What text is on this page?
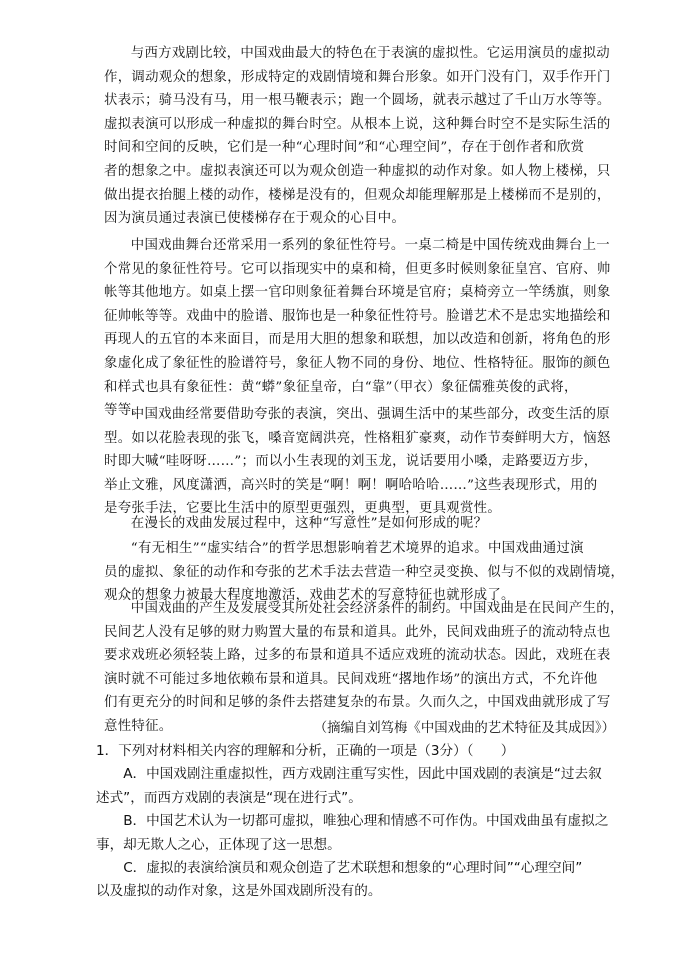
与西方戏剧比较，中国戏曲最大的特色在于表演的虚拟性。它运用演员的虚拟动
作，调动观众的想象，形成特定的戏剧情境和舞台形象。如开门没有门，双手作开门
状表示；骑马没有马，用一根马鞭表示；跑一个圆场，就表示越过了千山万水等等。
虚拟表演可以形成一种虚拟的舞台时空。从根本上说，这种舞台时空不是实际生活的
时间和空间的反映，它们是一种“心理时间”和“心理空间”，存在于创作者和欣赏
者的想象之中。虚拟表演还可以为观众创造一种虚拟的动作对象。如人物上楼梯，只
做出提衣抬腿上楼的动作，楼梯是没有的，但观众却能理解那是上楼梯而不是别的，
因为演员通过表演已使楼梯存在于观众的心目中。
中国戏曲舞台还常采用一系列的象征性符号。一桌二椅是中国传统戏曲舞台上一
个常见的象征性符号。它可以指现实中的桌和椅，但更多时候则象征皇宫、官府、帅
帐等其他地方。如桌上摆一官印则象征着舞台环境是官府；桌椅旁立一竿绣旗，则象
征帅帐等等。戏曲中的脸谱、服饰也是一种象征性符号。脸谱艺术不是忠实地描绘和
再现人的五官的本来面目，而是用大胆的想象和联想，加以改造和创新，将角色的形
象虚化成了象征性的脸谱符号，象征人物不同的身份、地位、性格特征。服饰的颜色
和样式也具有象征性：黄“蟒”象征皇帝，白“靠”（甲衣）象征儒雅英俊的武将，
等等。
中国戏曲经常要借助夸张的表演，突出、强调生活中的某些部分，改变生活的原
型。如以花脸表现的张飞，嗓音宽阔洪亮，性格粗犷豪爽，动作节奏鲜明大方，恼怒
时即大喊“哇呀呀……”；而以小生表现的刘玉龙，说话要用小嗓，走路要迈方步，
举止文雅，风度潇洒，高兴时的笑是“啊！啊！啊哈哈哈……”这些表现形式，用的
是夸张手法，它要比生活中的原型更强烈，更典型，更具观赏性。
在漫长的戏曲发展过程中，这种“写意性”是如何形成的呢？
“有无相生”“虚实结合”的哲学思想影响着艺术境界的追求。中国戏曲通过演
员的虚拟、象征的动作和夸张的艺术手法去营造一种空灵变换、似与不似的戏剧情境，
观众的想象力被最大程度地激活，戏曲艺术的写意特征也就形成了。
中国戏曲的产生及发展受其所处社会经济条件的制约。中国戏曲是在民间产生的，
民间艺人没有足够的财力购置大量的布景和道具。此外，民间戏曲班子的流动特点也
要求戏班必须轻装上路，过多的布景和道具不适应戏班的流动状态。因此，戏班在表
演时就不可能过多地依赖布景和道具。民间戏班“撂地作场”的演出方式，不允许他
们有更充分的时间和足够的条件去搭建复杂的布景。久而久之，中国戏曲就形成了写
意性特征。	（摘编自刘笃梅《中国戏曲的艺术特征及其成因》）
1．下列对材料相关内容的理解和分析，正确的一项是（3分）（　　）
A．中国戏剧注重虚拟性，西方戏剧注重写实性，因此中国戏剧的表演是“过去叙
述式”，而西方戏剧的表演是“现在进行式”。
B．中国艺术认为一切都可虚拟，唯独心理和情感不可作伪。中国戏曲虽有虚拟之
事，却无欺人之心，正体现了这一思想。
C．虚拟的表演给演员和观众创造了艺术联想和想象的“心理时间”“心理空间”
以及虚拟的动作对象，这是外国戏剧所没有的。
